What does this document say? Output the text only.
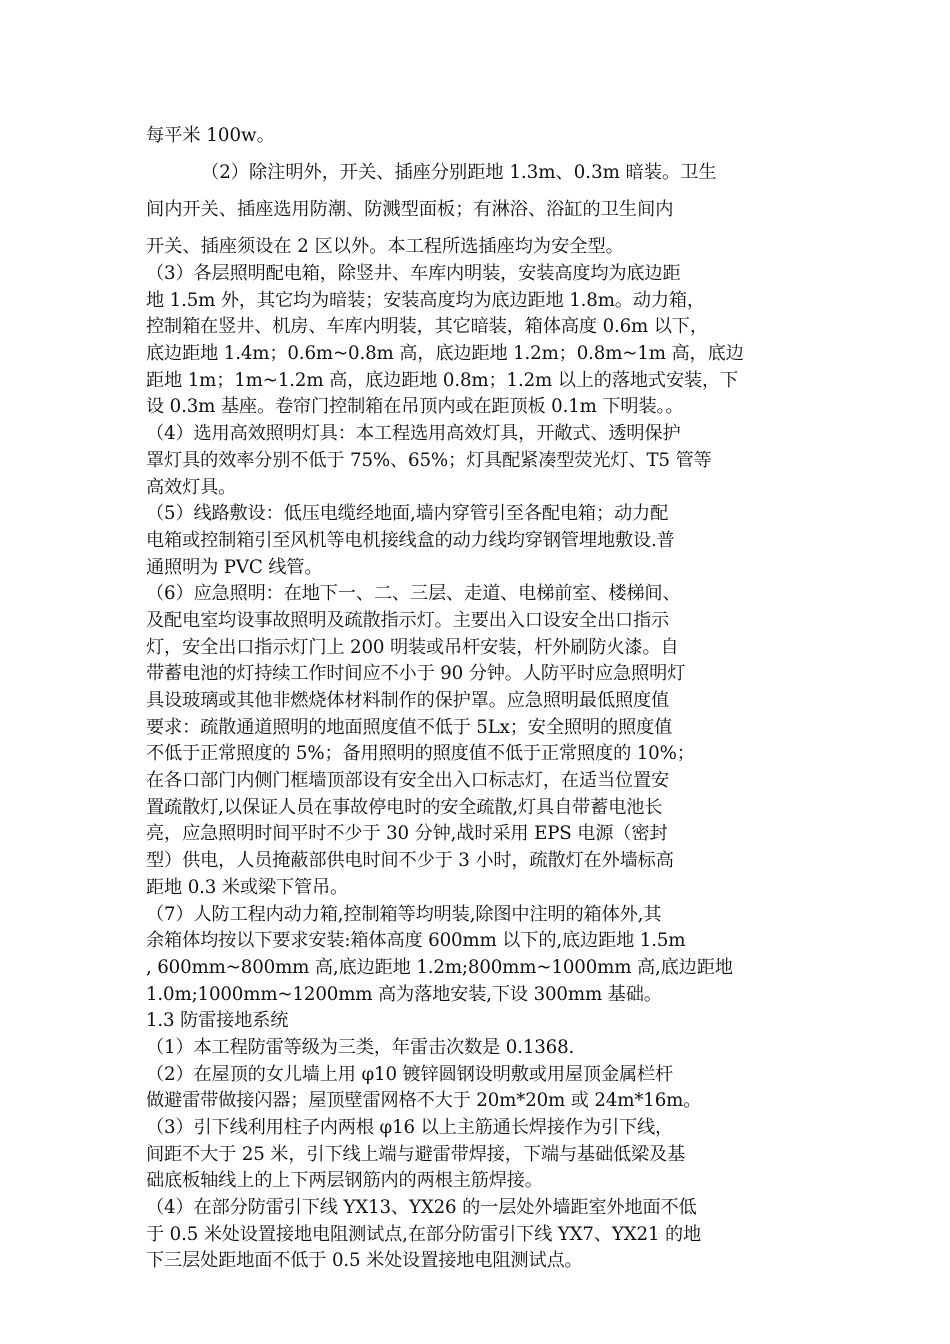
每平米 100w。
（2）除注明外，开关、插座分别距地 1.3m、0.3m 暗装。卫生
间内开关、插座选用防潮、防溅型面板；有淋浴、浴缸的卫生间内
开关、插座须设在 2 区以外。本工程所选插座均为安全型。
（3）各层照明配电箱，除竖井、车库内明装，安装高度均为底边距
地 1.5m 外，其它均为暗装；安装高度均为底边距地 1.8m。动力箱，
控制箱在竖井、机房、车库内明装，其它暗装，箱体高度 0.6m 以下，
底边距地 1.4m；0.6m~0.8m 高，底边距地 1.2m；0.8m~1m 高，底边
距地 1m；1m~1.2m 高，底边距地 0.8m；1.2m 以上的落地式安装，下
设 0.3m 基座。卷帘门控制箱在吊顶内或在距顶板 0.1m 下明装。。
（4）选用高效照明灯具：本工程选用高效灯具，开敞式、透明保护
罩灯具的效率分别不低于 75%、65%；灯具配紧凑型荧光灯、T5 管等
高效灯具。
（5）线路敷设：低压电缆经地面,墙内穿管引至各配电箱；动力配
电箱或控制箱引至风机等电机接线盒的动力线均穿钢管埋地敷设.普
通照明为 PVC 线管。
（6）应急照明：在地下一、二、三层、走道、电梯前室、楼梯间、
及配电室均设事故照明及疏散指示灯。主要出入口设安全出口指示
灯，安全出口指示灯门上 200 明装或吊杆安装，杆外刷防火漆。自
带蓄电池的灯持续工作时间应不小于 90 分钟。人防平时应急照明灯
具设玻璃或其他非燃烧体材料制作的保护罩。应急照明最低照度值
要求：疏散通道照明的地面照度值不低于 5Lx；安全照明的照度值
不低于正常照度的 5%；备用照明的照度值不低于正常照度的 10%；
在各口部门内侧门框墙顶部设有安全出入口标志灯，在适当位置安
置疏散灯,以保证人员在事故停电时的安全疏散,灯具自带蓄电池长
亮，应急照明时间平时不少于 30 分钟,战时采用 EPS 电源（密封
型）供电，人员掩蔽部供电时间不少于 3 小时，疏散灯在外墙标高
距地 0.3 米或梁下管吊。
（7）人防工程内动力箱,控制箱等均明装,除图中注明的箱体外,其
余箱体均按以下要求安装:箱体高度 600mm 以下的,底边距地 1.5m
, 600mm~800mm 高,底边距地 1.2m;800mm~1000mm 高,底边距地
1.0m;1000mm~1200mm 高为落地安装,下设 300mm 基础。
1.3 防雷接地系统
（1）本工程防雷等级为三类，年雷击次数是 0.1368.
（2）在屋顶的女儿墙上用 φ10 镀锌圆钢设明敷或用屋顶金属栏杆
做避雷带做接闪器；屋顶壁雷网格不大于 20m*20m 或 24m*16m。
（3）引下线利用柱子内两根 φ16 以上主筋通长焊接作为引下线，
间距不大于 25 米，引下线上端与避雷带焊接，下端与基础低梁及基
础底板轴线上的上下两层钢筋内的两根主筋焊接。
（4）在部分防雷引下线 YX13、YX26 的一层处外墙距室外地面不低
于 0.5 米处设置接地电阻测试点,在部分防雷引下线 YX7、YX21 的地
下三层处距地面不低于 0.5 米处设置接地电阻测试点。
